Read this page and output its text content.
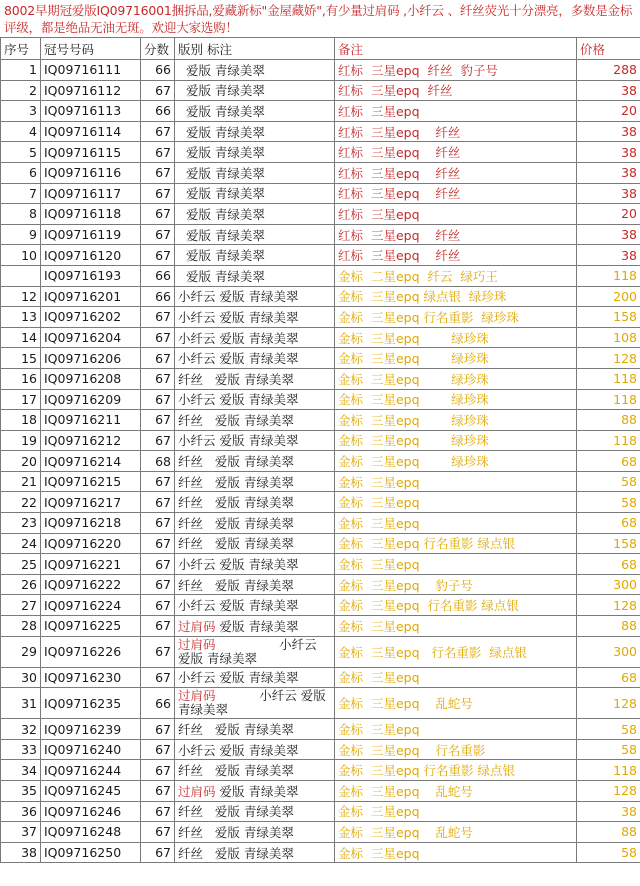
8002早期冠爱版IQ09716001捆拆品,爱藏新标"金屋藏娇",有少量过肩码 ,小纤云 、纤丝荧光十分漂亮，多数是金标评级，都是绝品无油无斑。欢迎大家选购！
序号	冠号号码	分数	版别 标注	备注	价格
1	IQ09716111	66	爱版 青绿美翠	红标  三星epq  纤丝  豹子号	288
2	IQ09716112	67	爱版 青绿美翠	红标  三星epq  纤丝	38
3	IQ09716113	66	爱版 青绿美翠	红标  三星epq	20
4	IQ09716114	67	爱版 青绿美翠	红标  三星epq    纤丝	38
5	IQ09716115	67	爱版 青绿美翠	红标  三星epq    纤丝	38
6	IQ09716116	67	爱版 青绿美翠	红标  三星epq    纤丝	38
7	IQ09716117	67	爱版 青绿美翠	红标  三星epq    纤丝	38
8	IQ09716118	67	爱版 青绿美翠	红标  三星epq	20
9	IQ09716119	67	爱版 青绿美翠	红标  三星epq    纤丝	38
10	IQ09716120	67	爱版 青绿美翠	红标  三星epq    纤丝	38
	IQ09716193	66	爱版 青绿美翠	金标  二星epq  纤云  绿巧王	118
12	IQ09716201	66	小纤云 爱版 青绿美翠	金标  三星epq 绿点银  绿珍珠	200
13	IQ09716202	67	小纤云 爱版 青绿美翠	金标  三星epq 行名重影  绿珍珠	158
14	IQ09716204	67	小纤云 爱版 青绿美翠	金标  三星epq        绿珍珠	108
15	IQ09716206	67	小纤云 爱版 青绿美翠	金标  三星epq        绿珍珠	128
16	IQ09716208	67	纤丝   爱版 青绿美翠	金标  三星epq        绿珍珠	118
17	IQ09716209	67	小纤云 爱版 青绿美翠	金标  三星epq        绿珍珠	118
18	IQ09716211	67	纤丝   爱版 青绿美翠	金标  三星epq        绿珍珠	88
19	IQ09716212	67	小纤云 爱版 青绿美翠	金标  三星epq        绿珍珠	118
20	IQ09716214	68	纤丝   爱版 青绿美翠	金标  三星epq        绿珍珠	68
21	IQ09716215	67	纤丝   爱版 青绿美翠	金标  三星epq	58
22	IQ09716217	67	纤丝   爱版 青绿美翠	金标  三星epq	58
23	IQ09716218	67	纤丝   爱版 青绿美翠	金标  三星epq	68
24	IQ09716220	67	纤丝   爱版 青绿美翠	金标  三星epq 行名重影 绿点银	158
25	IQ09716221	67	小纤云 爱版 青绿美翠	金标  三星epq	68
26	IQ09716222	67	纤丝   爱版 青绿美翠	金标  三星epq    豹子号	300
27	IQ09716224	67	小纤云 爱版 青绿美翠	金标  三星epq  行名重影 绿点银	128
28	IQ09716225	67	过肩码 爱版 青绿美翠	金标  三星epq	88
29	IQ09716226	67	过肩码                小纤云 爱版 青绿美翠	金标  三星epq   行名重影  绿点银	300
30	IQ09716230	67	小纤云 爱版 青绿美翠	金标  三星epq	68
31	IQ09716235	66	过肩码           小纤云 爱版 青绿美翠	金标  三星epq    乱蛇号	128
32	IQ09716239	67	纤丝   爱版 青绿美翠	金标  三星epq	58
33	IQ09716240	67	小纤云 爱版 青绿美翠	金标  三星epq    行名重影	58
34	IQ09716244	67	纤丝   爱版 青绿美翠	金标  三星epq 行名重影 绿点银	118
35	IQ09716245	67	过肩码 爱版 青绿美翠	金标  三星epq    乱蛇号	128
36	IQ09716246	67	纤丝   爱版 青绿美翠	金标  三星epq	38
37	IQ09716248	67	纤丝   爱版 青绿美翠	金标  三星epq    乱蛇号	88
38	IQ09716250	67	纤丝   爱版 青绿美翠	金标  三星epq	58
